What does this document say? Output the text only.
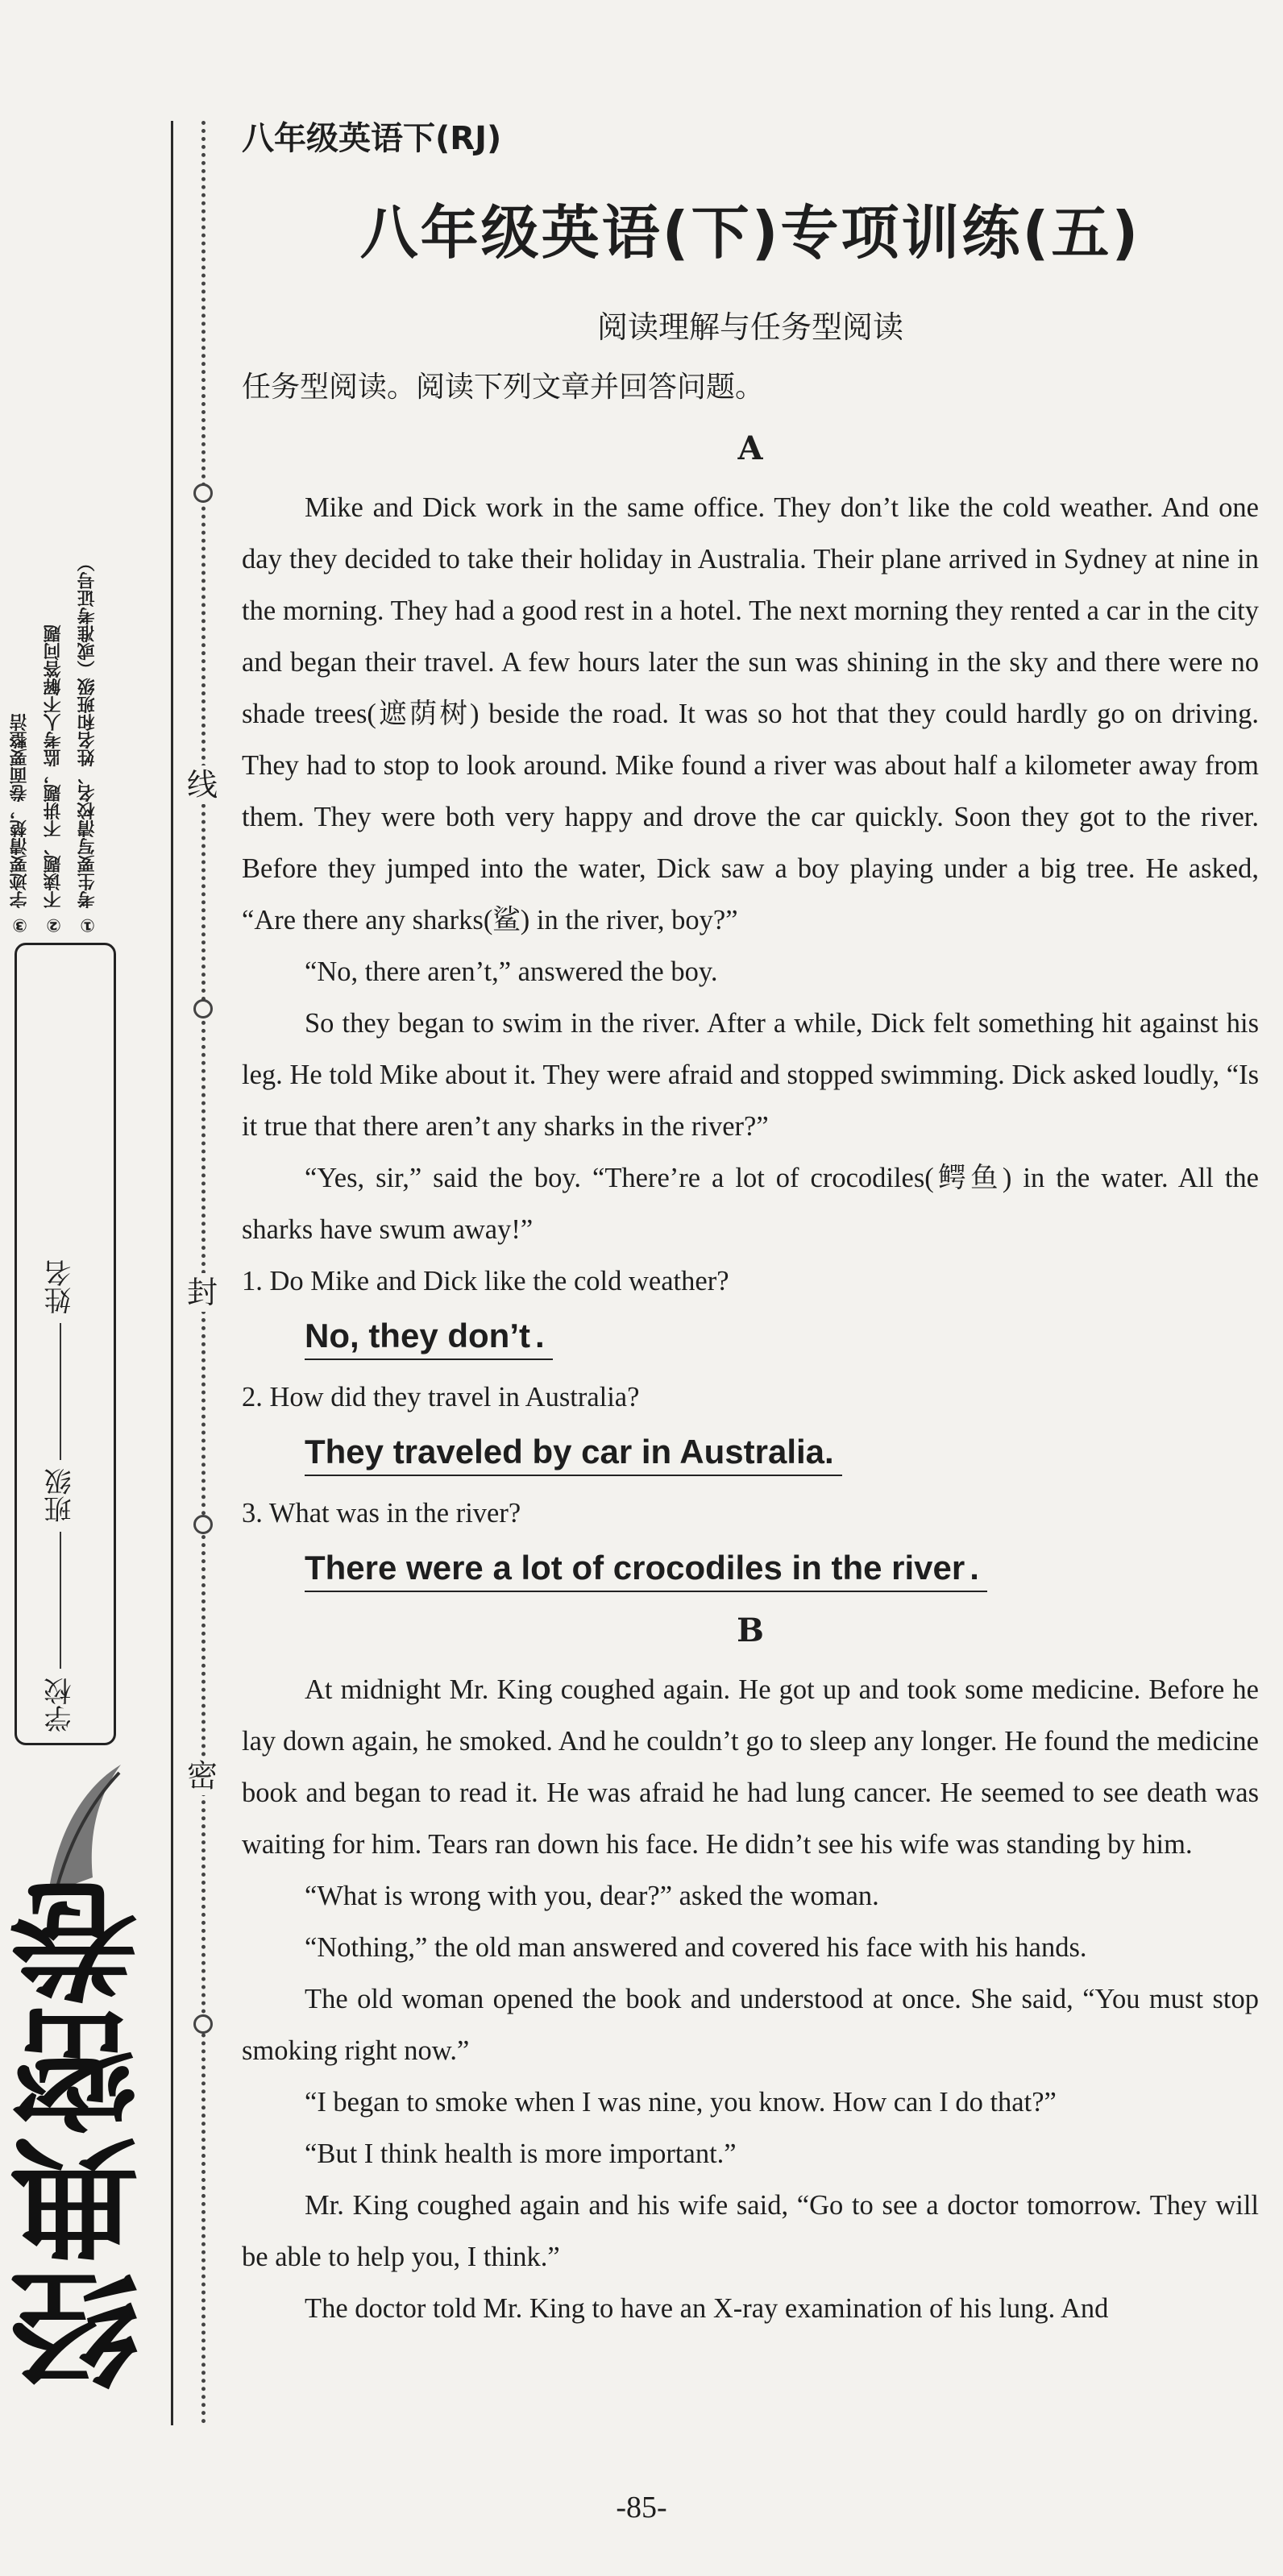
线
封
密
③ 字迹要清楚，卷面要整洁 ② 不读题、不讲题，监考人不解答问题 ① 考生要写清校名、姓名和班级（或准考证号）
学校  班级  姓名
经典密卷
八年级英语下(RJ)
八年级英语(下)专项训练(五)
阅读理解与任务型阅读
任务型阅读。阅读下列文章并回答问题。
A

Mike and Dick work in the same office. They don’t like the cold weather. And one day they decided to take their holiday in Australia. Their plane arrived in Sydney at nine in the morning. They had a good rest in a hotel. The next morning they rented a car in the city and began their travel. A few hours later the sun was shining in the sky and there were no shade trees(遮荫树) beside the road. It was so hot that they could hardly go on driving. They had to stop to look around. Mike found a river was about half a kilometer away from them. They were both very happy and drove the car quickly. Soon they got to the river. Before they jumped into the water, Dick saw a boy playing under a big tree. He asked, “Are there any sharks(鲨) in the river, boy?”

“No, there aren’t,” answered the boy.

So they began to swim in the river. After a while, Dick felt something hit against his leg. He told Mike about it. They were afraid and stopped swimming. Dick asked loudly, “Is it true that there aren’t any sharks in the river?”

“Yes, sir,” said the boy. “There’re a lot of crocodiles(鳄鱼) in the water. All the sharks have swum away!”

1. Do Mike and Dick like the cold weather?

No, they don’t .

2. How did they travel in Australia?

They traveled by car in Australia.

3. What was in the river?

There were a lot of crocodiles in the river .
B

At midnight Mr. King coughed again. He got up and took some medicine. Before he lay down again, he smoked. And he couldn’t go to sleep any longer. He found the medicine book and began to read it. He was afraid he had lung cancer. He seemed to see death was waiting for him. Tears ran down his face. He didn’t see his wife was standing by him.

“What is wrong with you, dear?” asked the woman.

“Nothing,” the old man answered and covered his face with his hands.

The old woman opened the book and understood at once. She said, “You must stop smoking right now.”

“I began to smoke when I was nine, you know. How can I do that?”

“But I think health is more important.”

Mr. King coughed again and his wife said, “Go to see a doctor tomorrow. They will be able to help you, I think.”

The doctor told Mr. King to have an X-ray examination of his lung. And

-85-
